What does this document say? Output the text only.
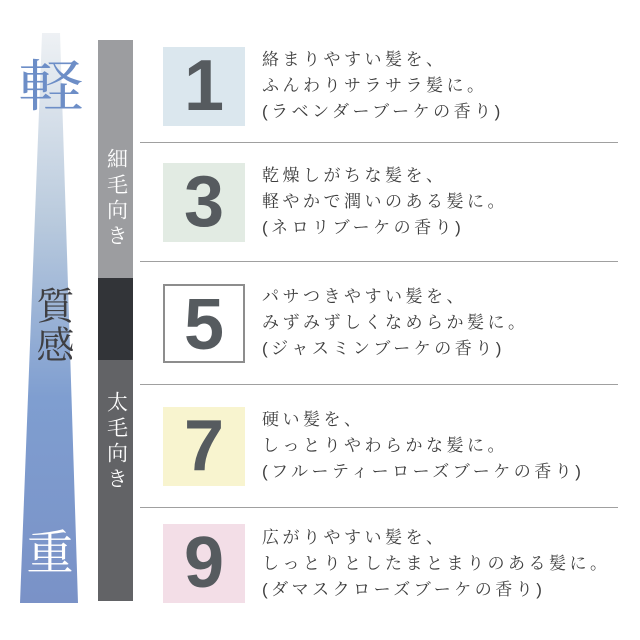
軽
質感
重
細毛向き
太毛向き
1	絡まりやすい髪を、
ふんわりサラサラ髪に。
(ラベンダーブーケの香り)
3	乾燥しがちな髪を、
軽やかで潤いのある髪に。
(ネロリブーケの香り)
5	パサつきやすい髪を、
みずみずしくなめらか髪に。
(ジャスミンブーケの香り)
7	硬い髪を、
しっとりやわらかな髪に。
(フルーティーローズブーケの香り)
9	広がりやすい髪を、
しっとりとしたまとまりのある髪に。
(ダマスクローズブーケの香り)
